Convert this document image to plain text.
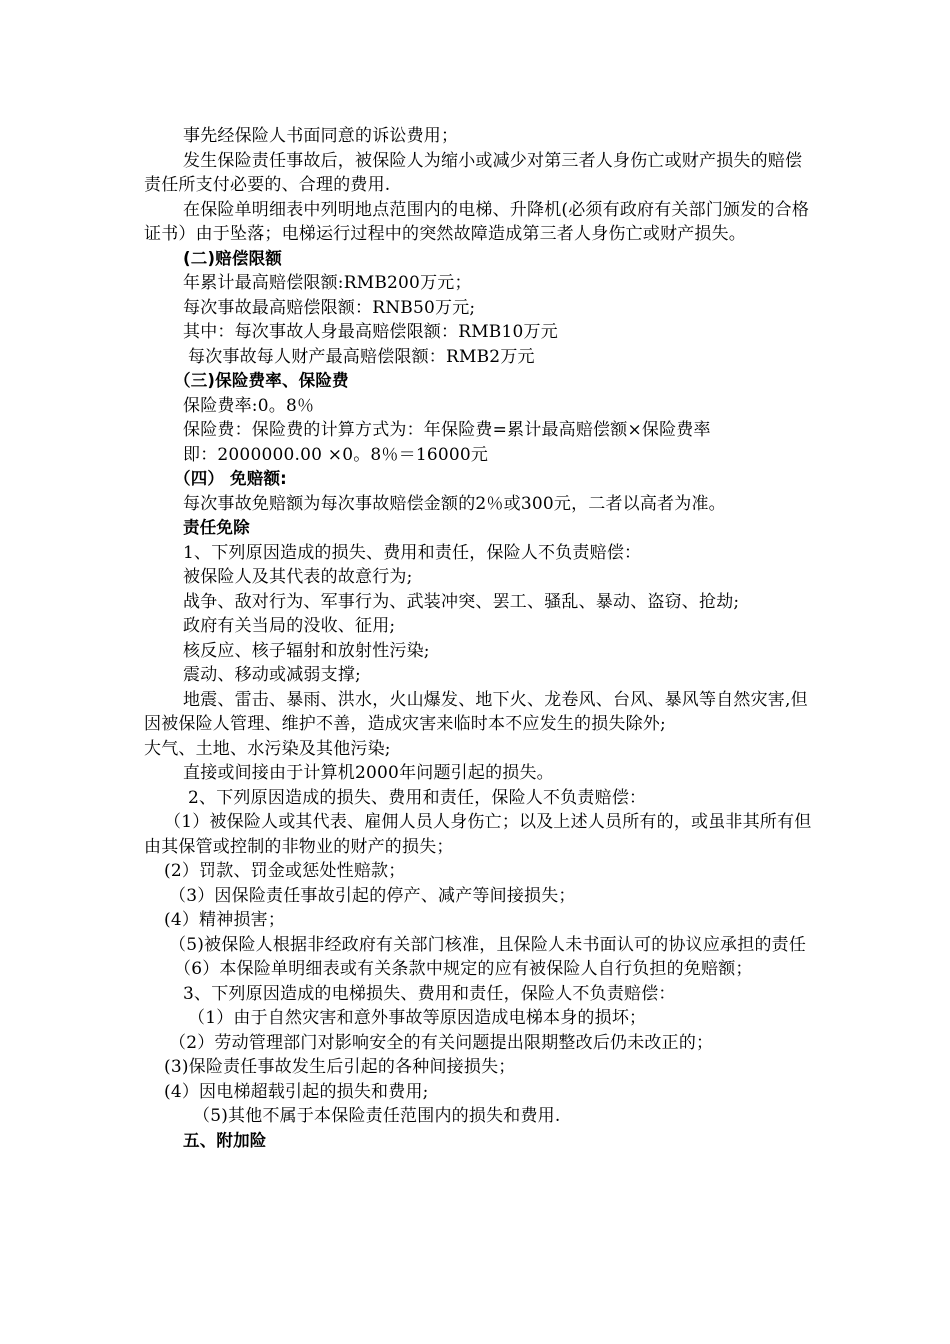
事先经保险人书面同意的诉讼费用；

发生保险责任事故后，被保险人为缩小或减少对第三者人身伤亡或财产损失的赔偿责任所支付必要的、合理的费用.

在保险单明细表中列明地点范围内的电梯、升降机(必须有政府有关部门颁发的合格证书）由于坠落；电梯运行过程中的突然故障造成第三者人身伤亡或财产损失。

(二)赔偿限额

年累计最高赔偿限额:RMB200万元；

每次事故最高赔偿限额：RNB50万元;

其中：每次事故人身最高赔偿限额：RMB10万元

每次事故每人财产最高赔偿限额：RMB2万元

（三)保险费率、保险费

保险费率:0。8％

保险费：保险费的计算方式为：年保险费=累计最高赔偿额×保险费率

即：2000000.00 ×0。8％＝16000元

（四） 免赔额:

每次事故免赔额为每次事故赔偿金额的2％或300元，二者以高者为准。

责任免除

1、下列原因造成的损失、费用和责任，保险人不负责赔偿：

被保险人及其代表的故意行为;

战争、敌对行为、军事行为、武装冲突、罢工、骚乱、暴动、盗窃、抢劫;

政府有关当局的没收、征用;

核反应、核子辐射和放射性污染;

震动、移动或减弱支撑;

地震、雷击、暴雨、洪水，火山爆发、地下火、龙卷风、台风、暴风等自然灾害,但因被保险人管理、维护不善，造成灾害来临时本不应发生的损失除外;

大气、土地、水污染及其他污染;

直接或间接由于计算机2000年问题引起的损失。

2、下列原因造成的损失、费用和责任，保险人不负责赔偿：

（1）被保险人或其代表、雇佣人员人身伤亡；以及上述人员所有的，或虽非其所有但由其保管或控制的非物业的财产的损失；

(2）罚款、罚金或惩处性赔款；

（3）因保险责任事故引起的停产、减产等间接损失；

(4）精神损害；

（5)被保险人根据非经政府有关部门核准，且保险人未书面认可的协议应承担的责任

（6）本保险单明细表或有关条款中规定的应有被保险人自行负担的免赔额；

3、下列原因造成的电梯损失、费用和责任，保险人不负责赔偿：

（1）由于自然灾害和意外事故等原因造成电梯本身的损坏；

（2）劳动管理部门对影响安全的有关问题提出限期整改后仍未改正的；

(3)保险责任事故发生后引起的各种间接损失；

(4）因电梯超载引起的损失和费用;

（5)其他不属于本保险责任范围内的损失和费用.

五、附加险
